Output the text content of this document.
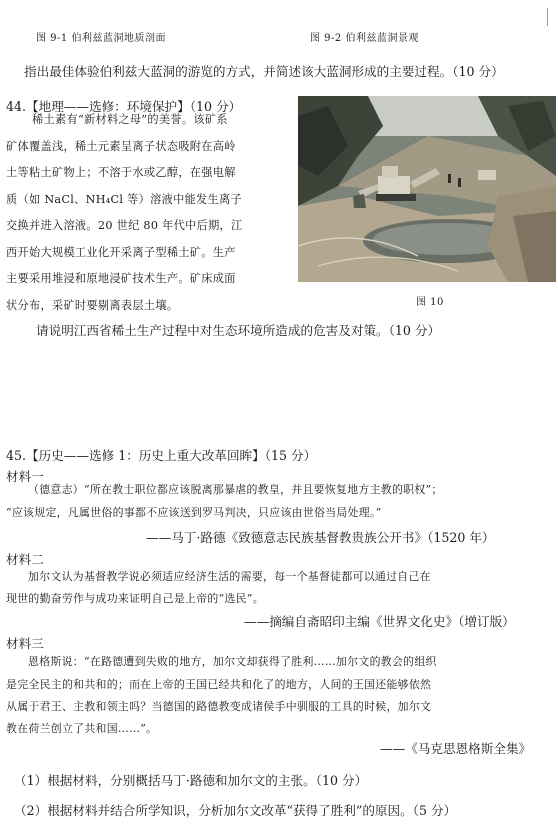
图 9-1 伯利兹蓝洞地质剖面	图 9-2 伯利兹蓝洞景观
指出最佳体验伯利兹大蓝洞的游览的方式，并简述该大蓝洞形成的主要过程。（10 分）
44.【地理——选修：环境保护】（10 分）
稀土素有“新材料之母”的美誉。该矿系
矿体覆盖浅，稀土元素呈离子状态吸附在高岭
土等粘土矿物上；不溶于水或乙醇，在强电解
质（如 NaCl、NH₄Cl 等）溶液中能发生离子
交换并进入溶液。20 世纪 80 年代中后期，江
西开始大规模工业化开采离子型稀土矿。生产
主要采用堆浸和原地浸矿技术生产。矿床成面
状分布，采矿时要剔离表层土壤。	图 10
请说明江西省稀土生产过程中对生态环境所造成的危害及对策。（10 分）
45.【历史——选修 1：历史上重大改革回眸】（15 分）
材料一
（德意志）“所在教士职位都应该脱离那暴虐的教皇，并且要恢复地方主教的职权”；
“应该规定，凡属世俗的事都不应该送到罗马判决，只应该由世俗当局处理。”
——马丁·路德《致德意志民族基督教贵族公开书》（1520 年）
材料二
加尔文认为基督教学说必须适应经济生活的需要，每一个基督徒都可以通过自己在
现世的勤奋劳作与成功来证明自己是上帝的“选民”。
——摘编自斋昭印主编《世界文化史》（增订版）
材料三
恩格斯说：“在路德遭到失败的地方，加尔文却获得了胜利……加尔文的教会的组织
是完全民主的和共和的；而在上帝的王国已经共和化了的地方，人间的王国还能够依然
从属于君王、主教和领主吗？当德国的路德教变成诸侯手中驯服的工具的时候，加尔文
教在荷兰创立了共和国……”。
——《马克思恩格斯全集》
（1）根据材料，分别概括马丁·路德和加尔文的主张。（10 分）
（2）根据材料并结合所学知识，分析加尔文改革“获得了胜利”的原因。（5 分）
